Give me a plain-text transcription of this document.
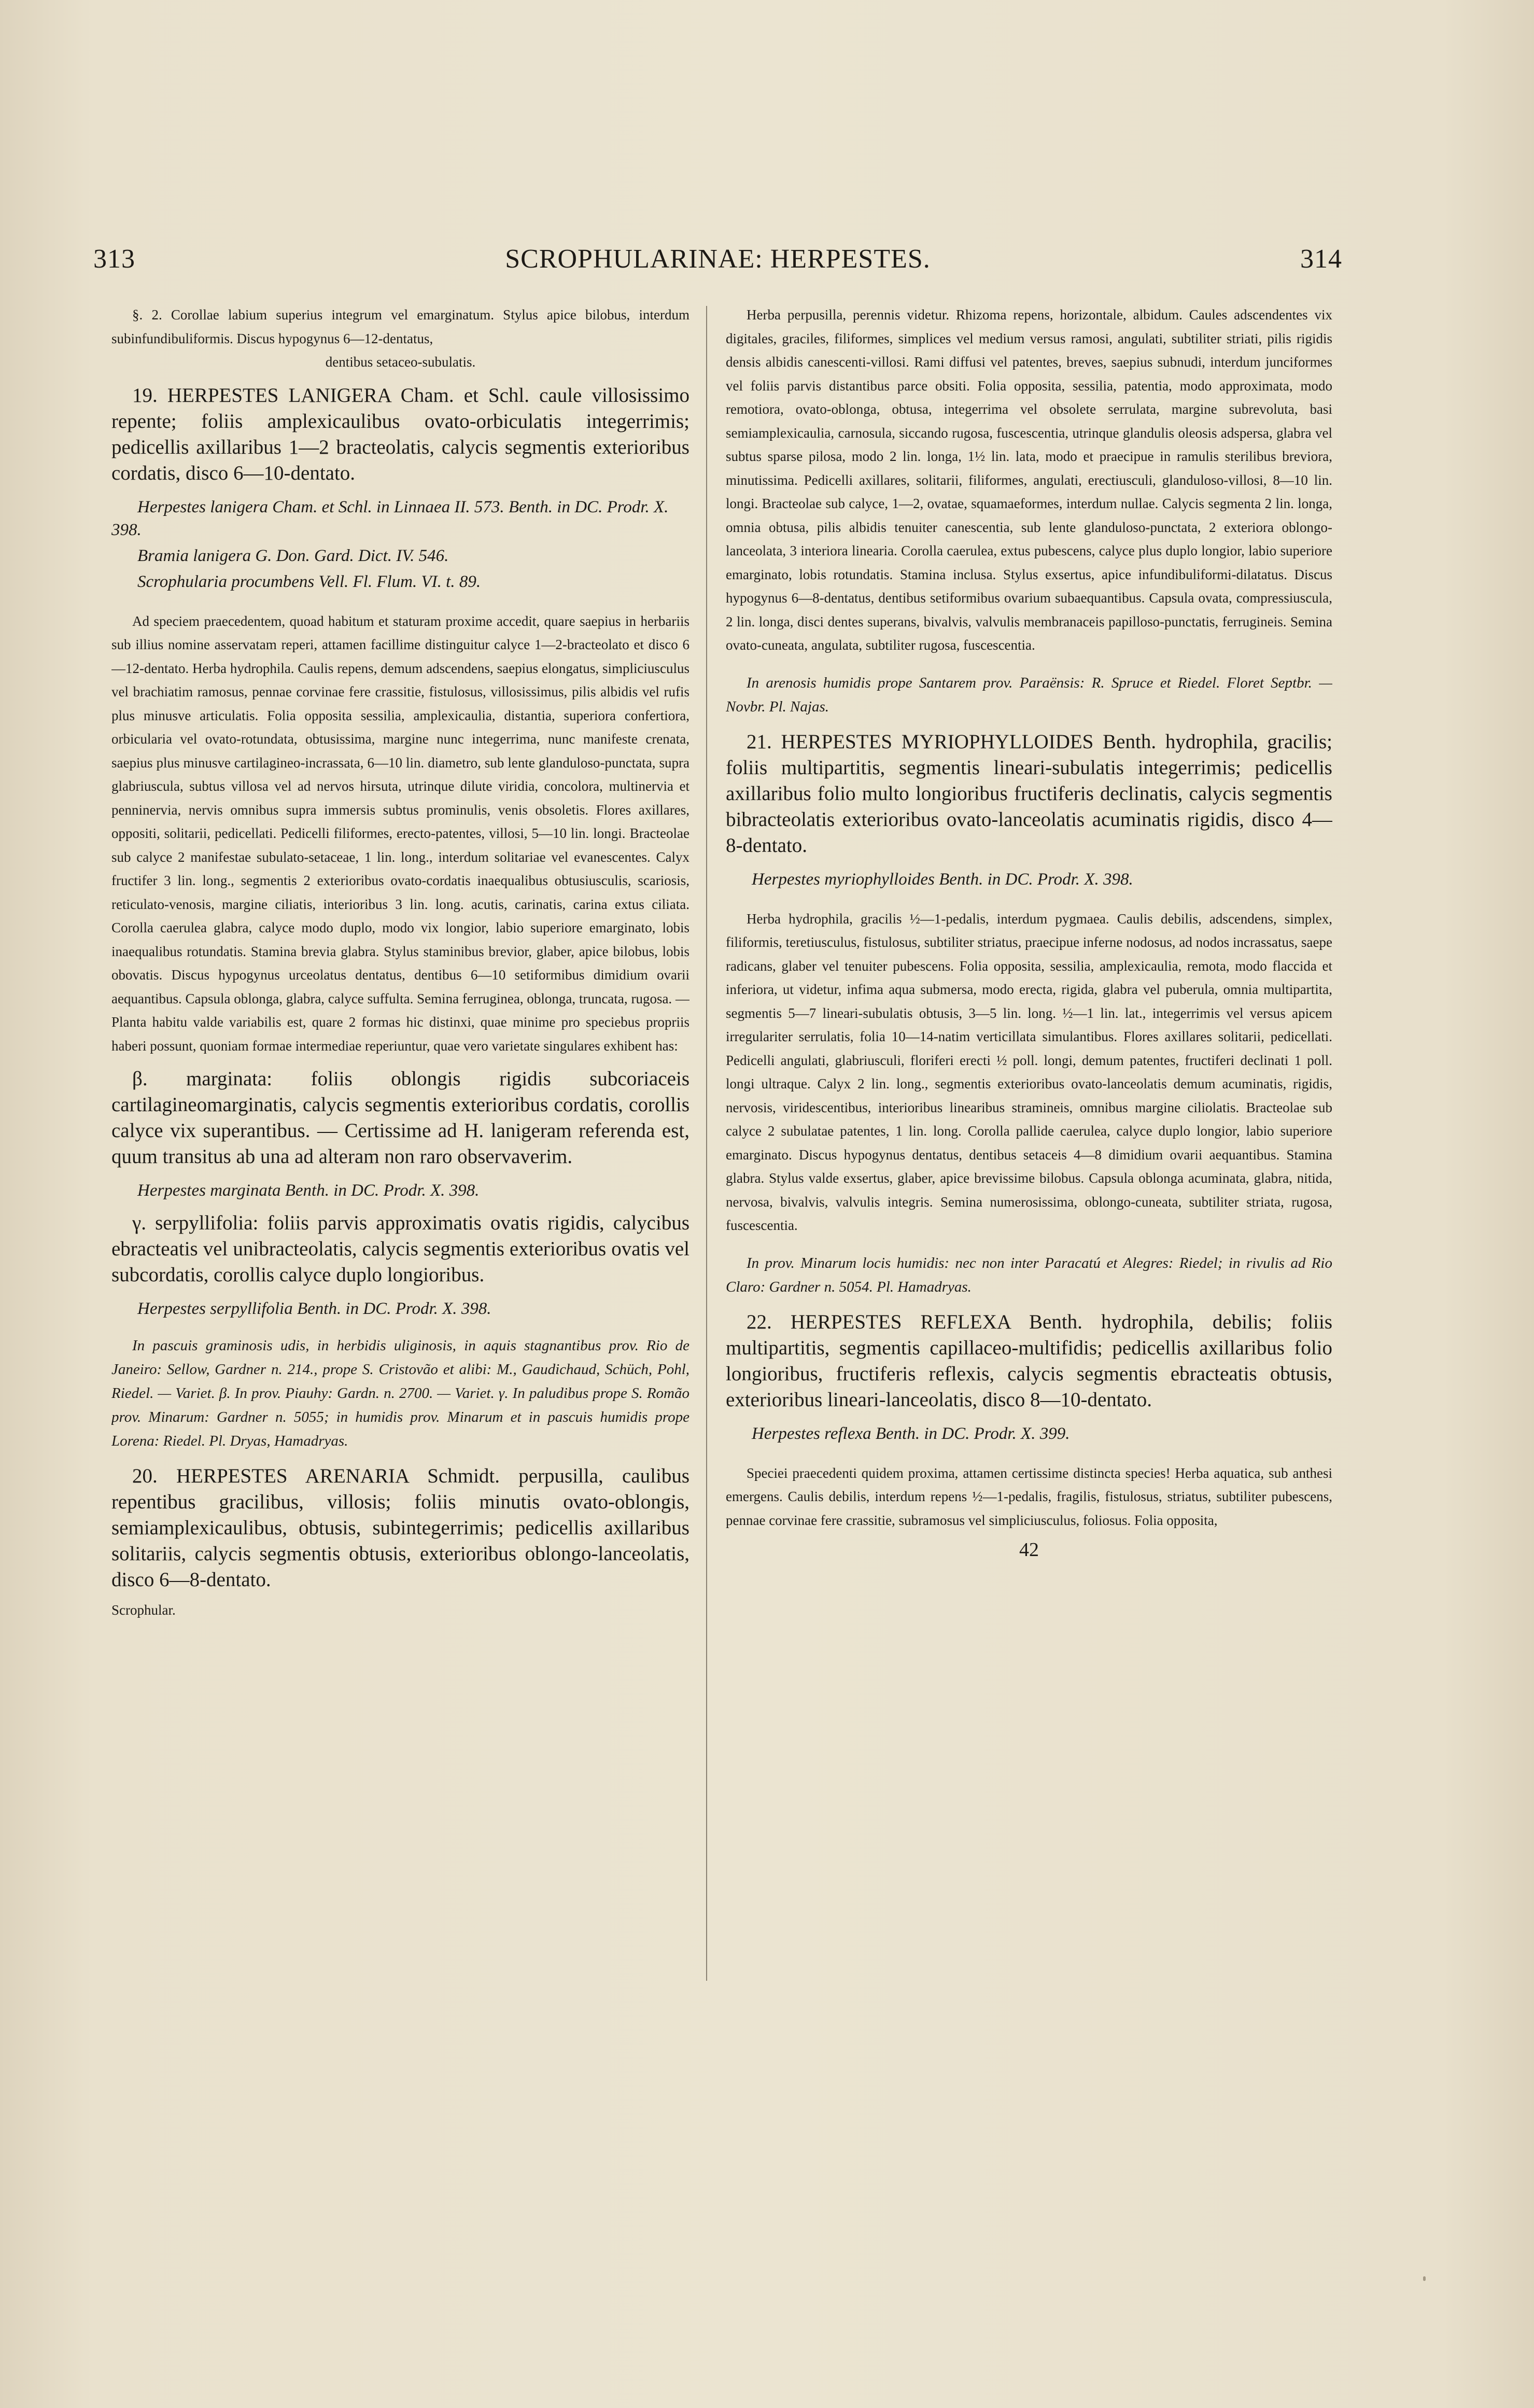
313	SCROPHULARINAE: HERPESTES.	314

§. 2. Corollae labium superius integrum vel emarginatum. Stylus apice bilobus, interdum subinfundibuliformis. Discus hypogynus 6—12-dentatus,

dentibus setaceo-subulatis.

19. HERPESTES LANIGERA Cham. et Schl. caule villosissimo repente; foliis amplexicaulibus ovato-orbiculatis integerrimis; pedicellis axillaribus 1—2 bracteolatis, calycis segmentis exterioribus cordatis, disco 6—10-dentato.

Herpestes lanigera Cham. et Schl. in Linnaea II. 573. Benth. in DC. Prodr. X. 398.

Bramia lanigera G. Don. Gard. Dict. IV. 546.

Scrophularia procumbens Vell. Fl. Flum. VI. t. 89.

Ad speciem praecedentem, quoad habitum et staturam proxime accedit, quare saepius in herbariis sub illius nomine asservatam reperi, attamen facillime distinguitur calyce 1—2-bracteolato et disco 6—12-dentato. Herba hydrophila. Caulis repens, demum adscendens, saepius elongatus, simpliciusculus vel brachiatim ramosus, pennae corvinae fere crassitie, fistulosus, villosissimus, pilis albidis vel rufis plus minusve articulatis. Folia opposita sessilia, amplexicaulia, distantia, superiora confertiora, orbicularia vel ovato-rotundata, obtusissima, margine nunc integerrima, nunc manifeste crenata, saepius plus minusve cartilagineo-incrassata, 6—10 lin. diametro, sub lente glanduloso-punctata, supra glabriuscula, subtus villosa vel ad nervos hirsuta, utrinque dilute viridia, concolora, multinervia et penninervia, nervis omnibus supra immersis subtus prominulis, venis obsoletis. Flores axillares, oppositi, solitarii, pedicellati. Pedicelli filiformes, erecto-patentes, villosi, 5—10 lin. longi. Bracteolae sub calyce 2 manifestae subulato-setaceae, 1 lin. long., interdum solitariae vel evanescentes. Calyx fructifer 3 lin. long., segmentis 2 exterioribus ovato-cordatis inaequalibus obtusiusculis, scariosis, reticulato-venosis, margine ciliatis, interioribus 3 lin. long. acutis, carinatis, carina extus ciliata. Corolla caerulea glabra, calyce modo duplo, modo vix longior, labio superiore emarginato, lobis inaequalibus rotundatis. Stamina brevia glabra. Stylus staminibus brevior, glaber, apice bilobus, lobis obovatis. Discus hypogynus urceolatus dentatus, dentibus 6—10 setiformibus dimidium ovarii aequantibus. Capsula oblonga, glabra, calyce suffulta. Semina ferruginea, oblonga, truncata, rugosa. — Planta habitu valde variabilis est, quare 2 formas hic distinxi, quae minime pro speciebus propriis haberi possunt, quoniam formae intermediae reperiuntur, quae vero varietate singulares exhibent has:

β. marginata: foliis oblongis rigidis subcoriaceis cartilagineomarginatis, calycis segmentis exterioribus cordatis, corollis calyce vix superantibus. — Certissime ad H. lanigeram referenda est, quum transitus ab una ad alteram non raro observaverim.

Herpestes marginata Benth. in DC. Prodr. X. 398.

γ. serpyllifolia: foliis parvis approximatis ovatis rigidis, calycibus ebracteatis vel unibracteolatis, calycis segmentis exterioribus ovatis vel subcordatis, corollis calyce duplo longioribus.

Herpestes serpyllifolia Benth. in DC. Prodr. X. 398.

In pascuis graminosis udis, in herbidis uliginosis, in aquis stagnantibus prov. Rio de Janeiro: Sellow, Gardner n. 214., prope S. Cristovão et alibi: M., Gaudichaud, Schüch, Pohl, Riedel. — Variet. β. In prov. Piauhy: Gardn. n. 2700. — Variet. γ. In paludibus prope S. Romão prov. Minarum: Gardner n. 5055; in humidis prov. Minarum et in pascuis humidis prope Lorena: Riedel. Pl. Dryas, Hamadryas.

20. HERPESTES ARENARIA Schmidt. perpusilla, caulibus repentibus gracilibus, villosis; foliis minutis ovato-oblongis, semiamplexicaulibus, obtusis, subintegerrimis; pedicellis axillaribus solitariis, calycis segmentis obtusis, exterioribus oblongo-lanceolatis, disco 6—8-dentato.

Scrophular.

Herba perpusilla, perennis videtur. Rhizoma repens, horizontale, albidum. Caules adscendentes vix digitales, graciles, filiformes, simplices vel medium versus ramosi, angulati, subtiliter striati, pilis rigidis densis albidis canescenti-villosi. Rami diffusi vel patentes, breves, saepius subnudi, interdum junciformes vel foliis parvis distantibus parce obsiti. Folia opposita, sessilia, patentia, modo approximata, modo remotiora, ovato-oblonga, obtusa, integerrima vel obsolete serrulata, margine subrevoluta, basi semiamplexicaulia, carnosula, siccando rugosa, fuscescentia, utrinque glandulis oleosis adspersa, glabra vel subtus sparse pilosa, modo 2 lin. longa, 1½ lin. lata, modo et praecipue in ramulis sterilibus breviora, minutissima. Pedicelli axillares, solitarii, filiformes, angulati, erectiusculi, glanduloso-villosi, 8—10 lin. longi. Bracteolae sub calyce, 1—2, ovatae, squamaeformes, interdum nullae. Calycis segmenta 2 lin. longa, omnia obtusa, pilis albidis tenuiter canescentia, sub lente glanduloso-punctata, 2 exteriora oblongo-lanceolata, 3 interiora linearia. Corolla caerulea, extus pubescens, calyce plus duplo longior, labio superiore emarginato, lobis rotundatis. Stamina inclusa. Stylus exsertus, apice infundibuliformi-dilatatus. Discus hypogynus 6—8-dentatus, dentibus setiformibus ovarium subaequantibus. Capsula ovata, compressiuscula, 2 lin. longa, disci dentes superans, bivalvis, valvulis membranaceis papilloso-punctatis, ferrugineis. Semina ovato-cuneata, angulata, subtiliter rugosa, fuscescentia.

In arenosis humidis prope Santarem prov. Paraënsis: R. Spruce et Riedel. Floret Septbr. — Novbr. Pl. Najas.

21. HERPESTES MYRIOPHYLLOIDES Benth. hydrophila, gracilis; foliis multipartitis, segmentis lineari-subulatis integerrimis; pedicellis axillaribus folio multo longioribus fructiferis declinatis, calycis segmentis bibracteolatis exterioribus ovato-lanceolatis acuminatis rigidis, disco 4—8-dentato.

Herpestes myriophylloides Benth. in DC. Prodr. X. 398.

Herba hydrophila, gracilis ½—1-pedalis, interdum pygmaea. Caulis debilis, adscendens, simplex, filiformis, teretiusculus, fistulosus, subtiliter striatus, praecipue inferne nodosus, ad nodos incrassatus, saepe radicans, glaber vel tenuiter pubescens. Folia opposita, sessilia, amplexicaulia, remota, modo flaccida et inferiora, ut videtur, infima aqua submersa, modo erecta, rigida, glabra vel puberula, omnia multipartita, segmentis 5—7 lineari-subulatis obtusis, 3—5 lin. long. ½—1 lin. lat., integerrimis vel versus apicem irregulariter serrulatis, folia 10—14-natim verticillata simulantibus. Flores axillares solitarii, pedicellati. Pedicelli angulati, glabriusculi, floriferi erecti ½ poll. longi, demum patentes, fructiferi declinati 1 poll. longi ultraque. Calyx 2 lin. long., segmentis exterioribus ovato-lanceolatis demum acuminatis, rigidis, nervosis, viridescentibus, interioribus linearibus stramineis, omnibus margine ciliolatis. Bracteolae sub calyce 2 subulatae patentes, 1 lin. long. Corolla pallide caerulea, calyce duplo longior, labio superiore emarginato. Discus hypogynus dentatus, dentibus setaceis 4—8 dimidium ovarii aequantibus. Stamina glabra. Stylus valde exsertus, glaber, apice brevissime bilobus. Capsula oblonga acuminata, glabra, nitida, nervosa, bivalvis, valvulis integris. Semina numerosissima, oblongo-cuneata, subtiliter striata, rugosa, fuscescentia.

In prov. Minarum locis humidis: nec non inter Paracatú et Alegres: Riedel; in rivulis ad Rio Claro: Gardner n. 5054. Pl. Hamadryas.

22. HERPESTES REFLEXA Benth. hydrophila, debilis; foliis multipartitis, segmentis capillaceo-multifidis; pedicellis axillaribus folio longioribus, fructiferis reflexis, calycis segmentis ebracteatis obtusis, exterioribus lineari-lanceolatis, disco 8—10-dentato.

Herpestes reflexa Benth. in DC. Prodr. X. 399.

Speciei praecedenti quidem proxima, attamen certissime distincta species! Herba aquatica, sub anthesi emergens. Caulis debilis, interdum repens ½—1-pedalis, fragilis, fistulosus, striatus, subtiliter pubescens, pennae corvinae fere crassitie, subramosus vel simpliciusculus, foliosus. Folia opposita,

42
